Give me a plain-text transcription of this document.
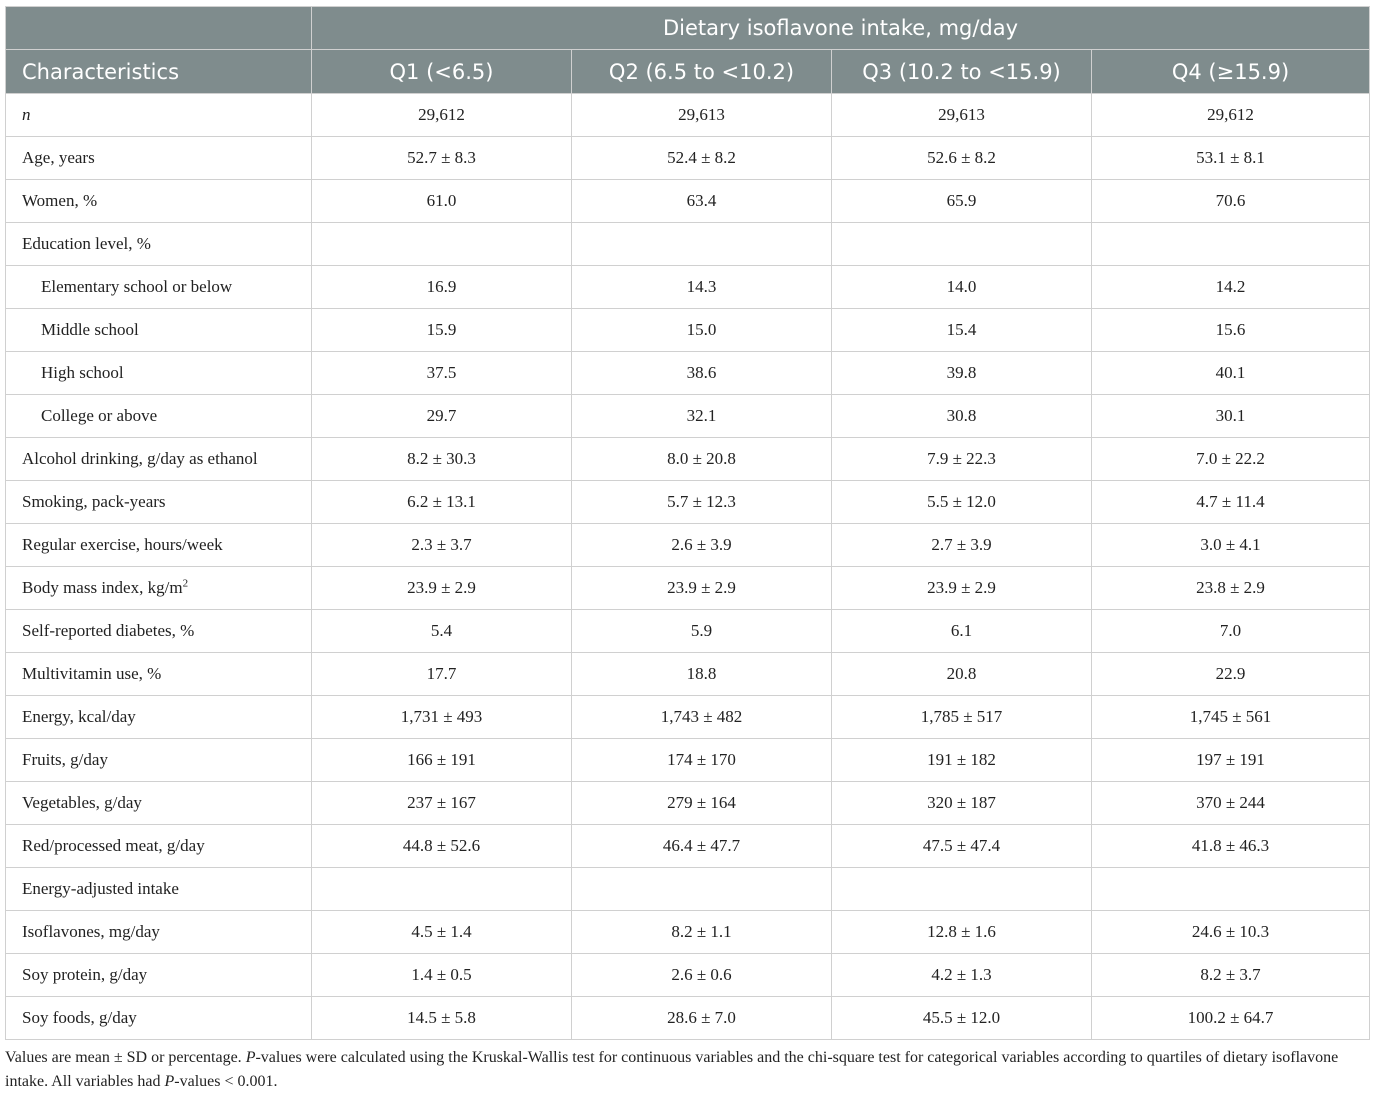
	Dietary isoflavone intake, mg/day			
Characteristics	Q1 (<6.5)	Q2 (6.5 to <10.2)	Q3 (10.2 to <15.9)	Q4 (≥15.9)
n	29,612	29,613	29,613	29,612
Age, years	52.7 ± 8.3	52.4 ± 8.2	52.6 ± 8.2	53.1 ± 8.1
Women, %	61.0	63.4	65.9	70.6
Education level, %				
Elementary school or below	16.9	14.3	14.0	14.2
Middle school	15.9	15.0	15.4	15.6
High school	37.5	38.6	39.8	40.1
College or above	29.7	32.1	30.8	30.1
Alcohol drinking, g/day as ethanol	8.2 ± 30.3	8.0 ± 20.8	7.9 ± 22.3	7.0 ± 22.2
Smoking, pack-years	6.2 ± 13.1	5.7 ± 12.3	5.5 ± 12.0	4.7 ± 11.4
Regular exercise, hours/week	2.3 ± 3.7	2.6 ± 3.9	2.7 ± 3.9	3.0 ± 4.1
Body mass index, $kg/m^2$	23.9 ± 2.9	23.9 ± 2.9	23.9 ± 2.9	23.8 ± 2.9
Self-reported diabetes, %	5.4	5.9	6.1	7.0
Multivitamin use, %	17.7	18.8	20.8	22.9
Energy, kcal/day	1,731 ± 493	1,743 ± 482	1,785 ± 517	1,745 ± 561
Fruits, g/day	166 ± 191	174 ± 170	191 ± 182	197 ± 191
Vegetables, g/day	237 ± 167	279 ± 164	320 ± 187	370 ± 244
Red/processed meat, g/day	44.8 ± 52.6	46.4 ± 47.7	47.5 ± 47.4	41.8 ± 46.3
Energy-adjusted intake				
Isoflavones, mg/day	4.5 ± 1.4	8.2 ± 1.1	12.8 ± 1.6	24.6 ± 10.3
Soy protein, g/day	1.4 ± 0.5	2.6 ± 0.6	4.2 ± 1.3	8.2 ± 3.7
Soy foods, g/day	14.5 ± 5.8	28.6 ± 7.0	45.5 ± 12.0	100.2 ± 64.7
Values are mean ± SD or percentage. P-values were calculated using the Kruskal-Wallis test for continuous variables and the chi-square test for categorical variables according to quartiles of dietary isoflavone intake. All variables had P-values < 0.001.
